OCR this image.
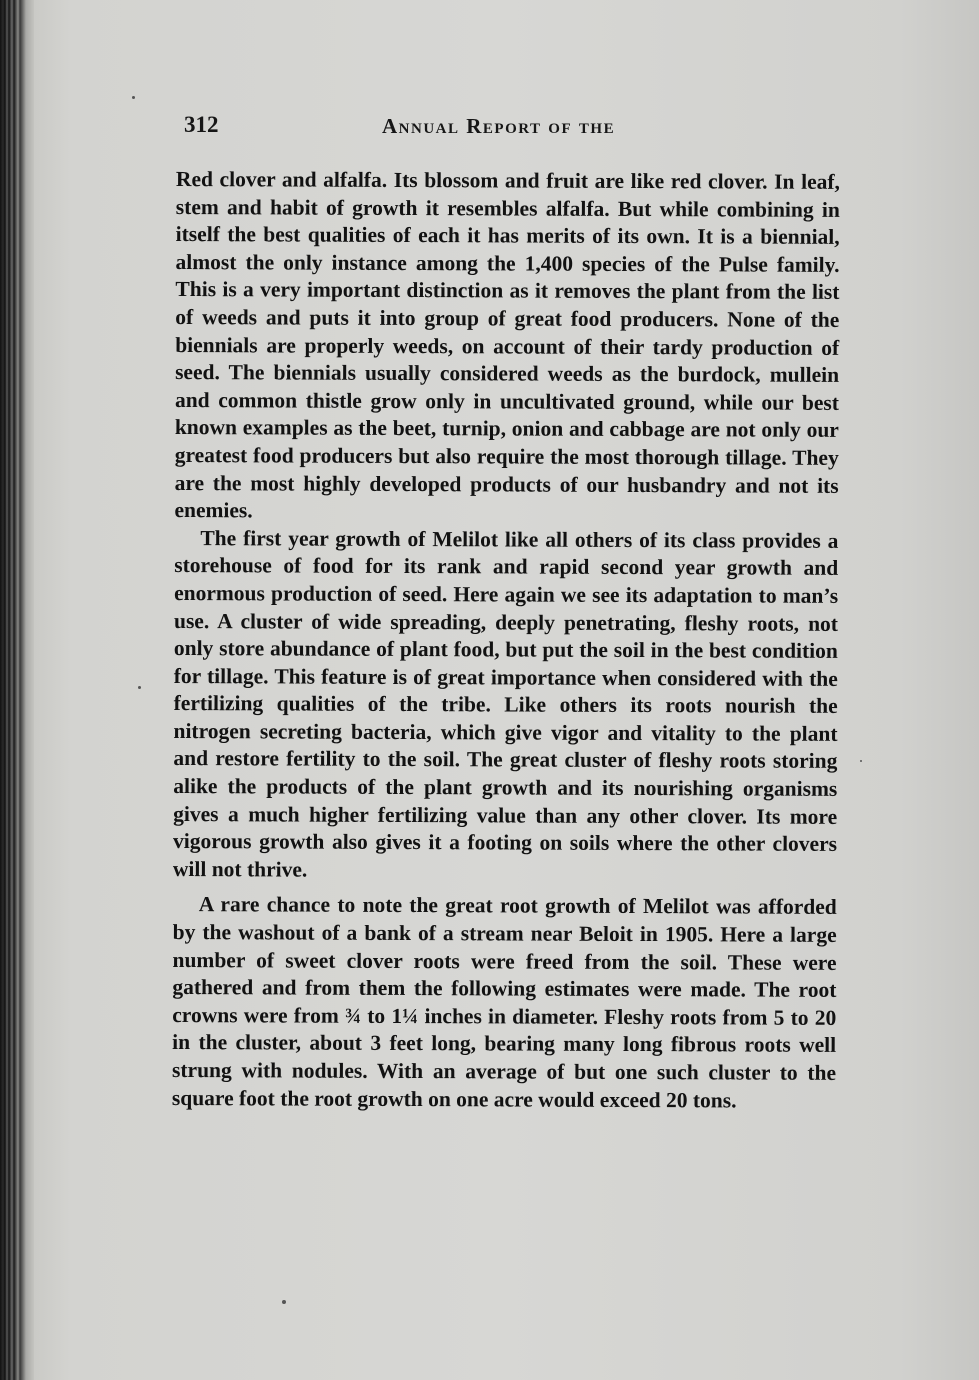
312	Annual Report of the

Red clover and alfalfa. Its blossom and fruit are like red clover. In leaf, stem and habit of growth it resembles alfalfa. But while combining in itself the best qualities of each it has merits of its own. It is a biennial, almost the only instance among the 1,400 species of the Pulse family. This is a very important distinction as it removes the plant from the list of weeds and puts it into group of great food producers. None of the biennials are properly weeds, on account of their tardy production of seed. The biennials usually considered weeds as the burdock, mullein and common thistle grow only in uncultivated ground, while our best known examples as the beet, turnip, onion and cabbage are not only our greatest food producers but also require the most thorough tillage. They are the most highly developed products of our husbandry and not its enemies.

The first year growth of Melilot like all others of its class provides a storehouse of food for its rank and rapid second year growth and enormous production of seed. Here again we see its adaptation to man’s use. A cluster of wide spreading, deeply penetrating, fleshy roots, not only store abundance of plant food, but put the soil in the best condition for tillage. This feature is of great importance when considered with the fertilizing qualities of the tribe. Like others its roots nourish the nitrogen secreting bacteria, which give vigor and vitality to the plant and restore fertility to the soil. The great cluster of fleshy roots storing alike the products of the plant growth and its nourishing organisms gives a much higher fertilizing value than any other clover. Its more vigorous growth also gives it a footing on soils where the other clovers will not thrive.

A rare chance to note the great root growth of Melilot was afforded by the washout of a bank of a stream near Beloit in 1905. Here a large number of sweet clover roots were freed from the soil. These were gathered and from them the following estimates were made. The root crowns were from ¾ to 1¼ inches in diameter. Fleshy roots from 5 to 20 in the cluster, about 3 feet long, bearing many long fibrous roots well strung with nodules. With an average of but one such cluster to the square foot the root growth on one acre would exceed 20 tons.
